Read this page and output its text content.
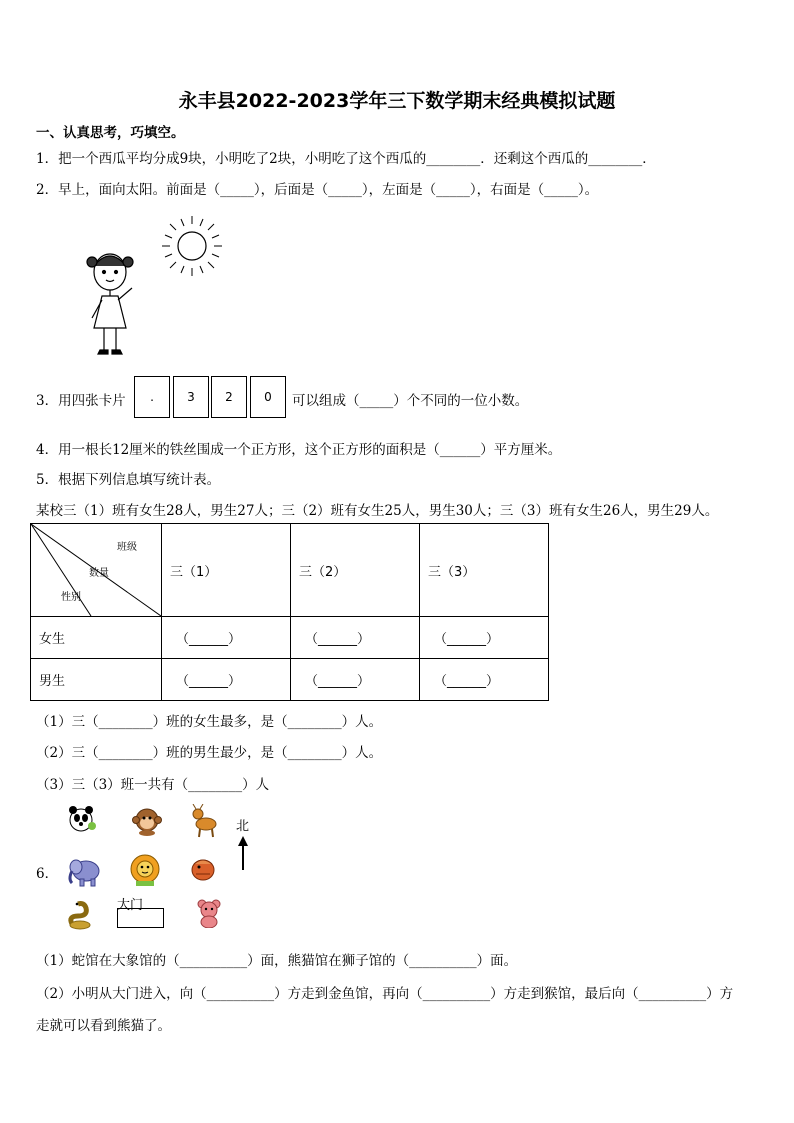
永丰县2022-2023学年三下数学期末经典模拟试题
一、认真思考，巧填空。
1．把一个西瓜平均分成9块，小明吃了2块，小明吃了这个西瓜的________．还剩这个西瓜的________．
2．早上，面向太阳。前面是（_____），后面是（_____），左面是（_____），右面是（_____）。
3．用四张卡片	.	3	2	0	可以组成（_____）个不同的一位小数。
4．用一根长12厘米的铁丝围成一个正方形，这个正方形的面积是（______）平方厘米。
5．根据下列信息填写统计表。
某校三（1）班有女生28人，男生27人；三（2）班有女生25人，男生30人；三（3）班有女生26人，男生29人。
班级
数量
性别	三（1）	三（2）	三（3）
女生	（______）	（______）	（______）
男生	（______）	（______）	（______）
（1）三（________）班的女生最多，是（________）人。
（2）三（________）班的男生最少，是（________）人。
（3）三（3）班一共有（________）人
6．
北
大门
（1）蛇馆在大象馆的（__________）面，熊猫馆在狮子馆的（__________）面。
（2）小明从大门进入，向（__________）方走到金鱼馆，再向（__________）方走到猴馆，最后向（__________）方
走就可以看到熊猫了。
